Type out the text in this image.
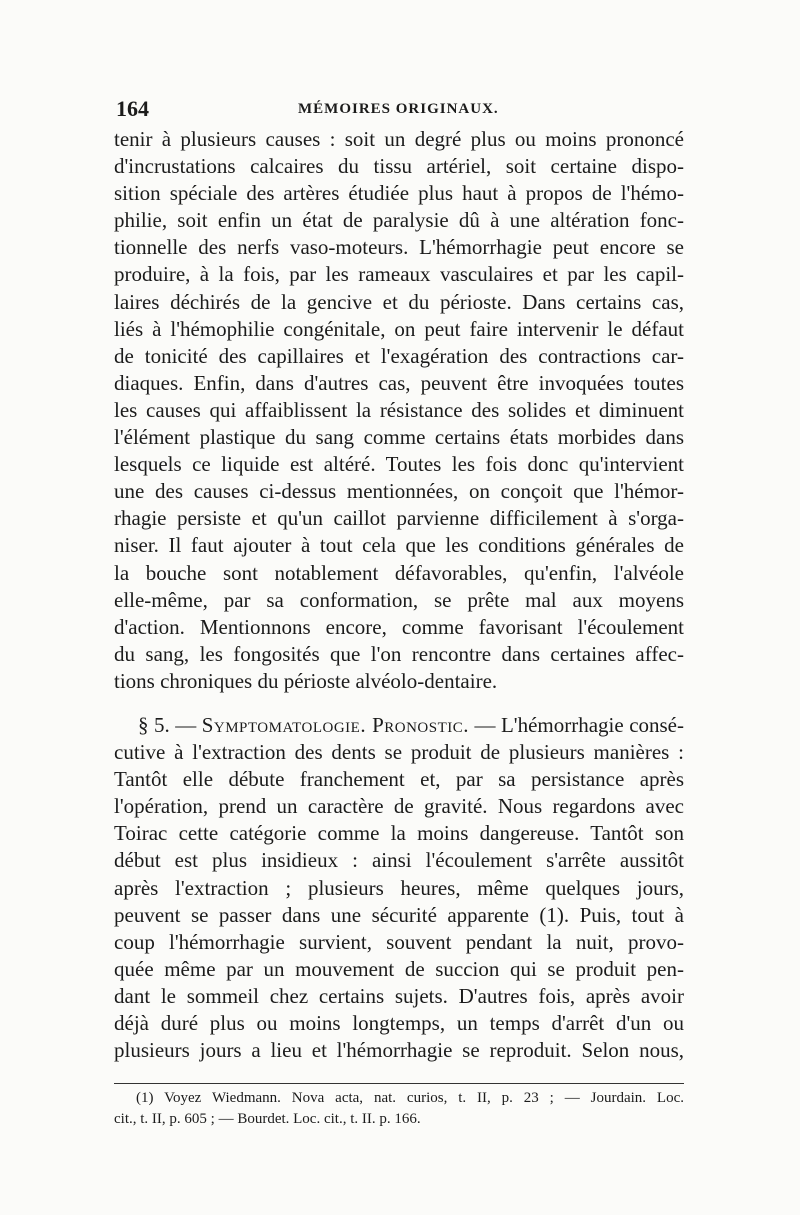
164	MÉMOIRES ORIGINAUX.
tenir à plusieurs causes : soit un degré plus ou moins prononcé
d'incrustations calcaires du tissu artériel, soit certaine dispo-
sition spéciale des artères étudiée plus haut à propos de l'hémo-
philie, soit enfin un état de paralysie dû à une altération fonc-
tionnelle des nerfs vaso-moteurs. L'hémorrhagie peut encore se
produire, à la fois, par les rameaux vasculaires et par les capil-
laires déchirés de la gencive et du périoste. Dans certains cas,
liés à l'hémophilie congénitale, on peut faire intervenir le défaut
de tonicité des capillaires et l'exagération des contractions car-
diaques. Enfin, dans d'autres cas, peuvent être invoquées toutes
les causes qui affaiblissent la résistance des solides et diminuent
l'élément plastique du sang comme certains états morbides dans
lesquels ce liquide est altéré. Toutes les fois donc qu'intervient
une des causes ci-dessus mentionnées, on conçoit que l'hémor-
rhagie persiste et qu'un caillot parvienne difficilement à s'orga-
niser. Il faut ajouter à tout cela que les conditions générales de
la bouche sont notablement défavorables, qu'enfin, l'alvéole
elle-même, par sa conformation, se prête mal aux moyens
d'action. Mentionnons encore, comme favorisant l'écoulement
du sang, les fongosités que l'on rencontre dans certaines affec-
tions chroniques du périoste alvéolo-dentaire.
§ 5. — Symptomatologie. Pronostic. — L'hémorrhagie consé-
cutive à l'extraction des dents se produit de plusieurs manières :
Tantôt elle débute franchement et, par sa persistance après
l'opération, prend un caractère de gravité. Nous regardons avec
Toirac cette catégorie comme la moins dangereuse. Tantôt son
début est plus insidieux : ainsi l'écoulement s'arrête aussitôt
après l'extraction ; plusieurs heures, même quelques jours,
peuvent se passer dans une sécurité apparente (1). Puis, tout à
coup l'hémorrhagie survient, souvent pendant la nuit, provo-
quée même par un mouvement de succion qui se produit pen-
dant le sommeil chez certains sujets. D'autres fois, après avoir
déjà duré plus ou moins longtemps, un temps d'arrêt d'un ou
plusieurs jours a lieu et l'hémorrhagie se reproduit. Selon nous,
(1) Voyez Wiedmann. Nova acta, nat. curios, t. II, p. 23 ; — Jourdain. Loc.
cit., t. II, p. 605 ; — Bourdet. Loc. cit., t. II. p. 166.
